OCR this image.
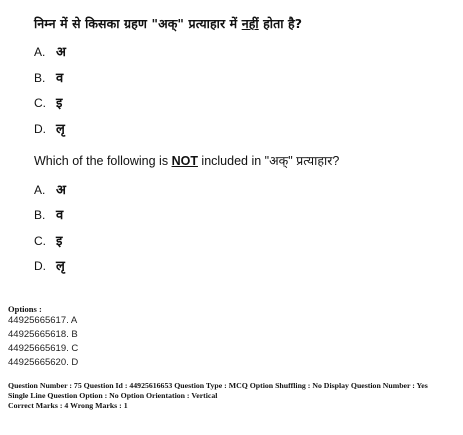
निम्न में से किसका ग्रहण "अक्" प्रत्याहार में नहीं होता है?
A. अ
B. व
C. इ
D. लृ
Which of the following is NOT included in "अक्" प्रत्याहार?
A. अ
B. व
C. इ
D. लृ
Options :
44925665617. A
44925665618. B
44925665619. C
44925665620. D
Question Number : 75 Question Id : 44925616653 Question Type : MCQ Option Shuffling : No Display Question Number : Yes
Single Line Question Option : No Option Orientation : Vertical
Correct Marks : 4 Wrong Marks : 1
